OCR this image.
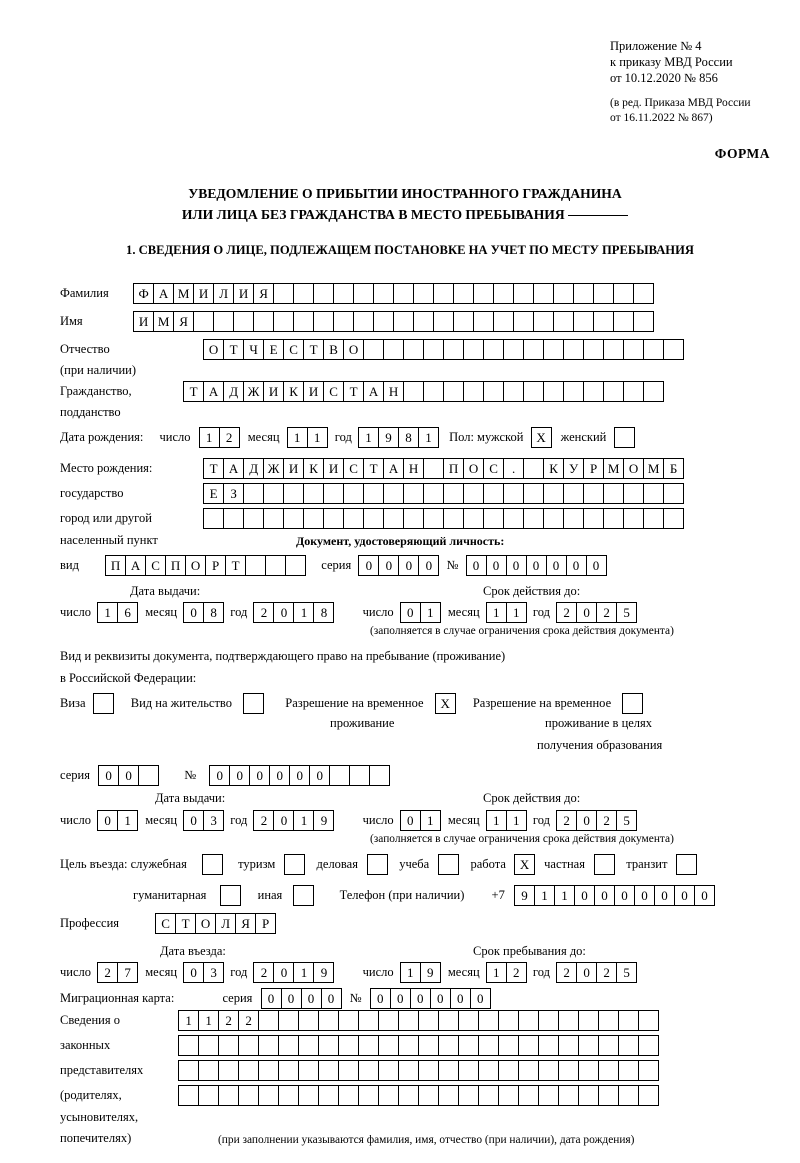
Приложение № 4
к приказу МВД России
от 10.12.2020 № 856
(в ред. Приказа МВД России
от 16.11.2022 № 867)
ФОРМА
УВЕДОМЛЕНИЕ О ПРИБЫТИИ ИНОСТРАННОГО ГРАЖДАНИНА
ИЛИ ЛИЦА БЕЗ ГРАЖДАНСТВА В МЕСТО ПРЕБЫВАНИЯ
1. СВЕДЕНИЯ О ЛИЦЕ, ПОДЛЕЖАЩЕМ ПОСТАНОВКЕ НА УЧЕТ ПО МЕСТУ ПРЕБЫВАНИЯ
Фамилия Ф А М И Л И Я
Имя	И М Я
Отчество	О Т Ч Е С Т В О
(при наличии)
Гражданство,	Т А Д Ж И К И С Т А Н
подданство
Дата рождения: число 1 2 месяц 1 1 год 1 9 8 1 Пол: мужской X женский
Место рождения:	Т А Д Ж И К И С Т А Н П О С .	К У Р М О М Б
государство	Е З
город или другой
населенный пункт	Документ, удостоверяющий личность:
вид П А С П О Р Т	серия 0 0 0 0 № 0 0 0 0 0 0 0
Дата выдачи:	Срок действия до:
число 1 6 месяц 0 8 год 2 0 1 8	число 0 1 месяц 1 1 год 2 0 2 5
(заполняется в случае ограничения срока действия документа)
Вид и реквизиты документа, подтверждающего право на пребывание (проживание)
в Российской Федерации:
Виза	Вид на жительство	Разрешение на временное X Разрешение на временное
проживание	проживание в целях
получения образования
серия 0 0	№ 0 0 0 0 0 0
Дата выдачи:	Срок действия до:
число 0 1 месяц 0 3 год 2 0 1 9	число 0 1 месяц 1 1 год 2 0 2 5
(заполняется в случае ограничения срока действия документа)
Цель въезда: служебная	туризм	деловая	учеба	работа X частная	транзит
гуманитарная	иная	Телефон (при наличии) +7 9 1 1 0 0 0 0 0 0 0
Профессия	С Т О Л Я Р
Дата въезда:	Срок пребывания до:
число 2 7 месяц 0 3 год 2 0 1 9	число 1 9 месяц 1 2 год 2 0 2 5
Миграционная карта:	серия 0 0 0 0 № 0 0 0 0 0 0
Сведения о	1 1 2 2
законных
представителях
(родителях,
усыновителях,
попечителях)	(при заполнении указываются фамилия, имя, отчество (при наличии), дата рождения)
